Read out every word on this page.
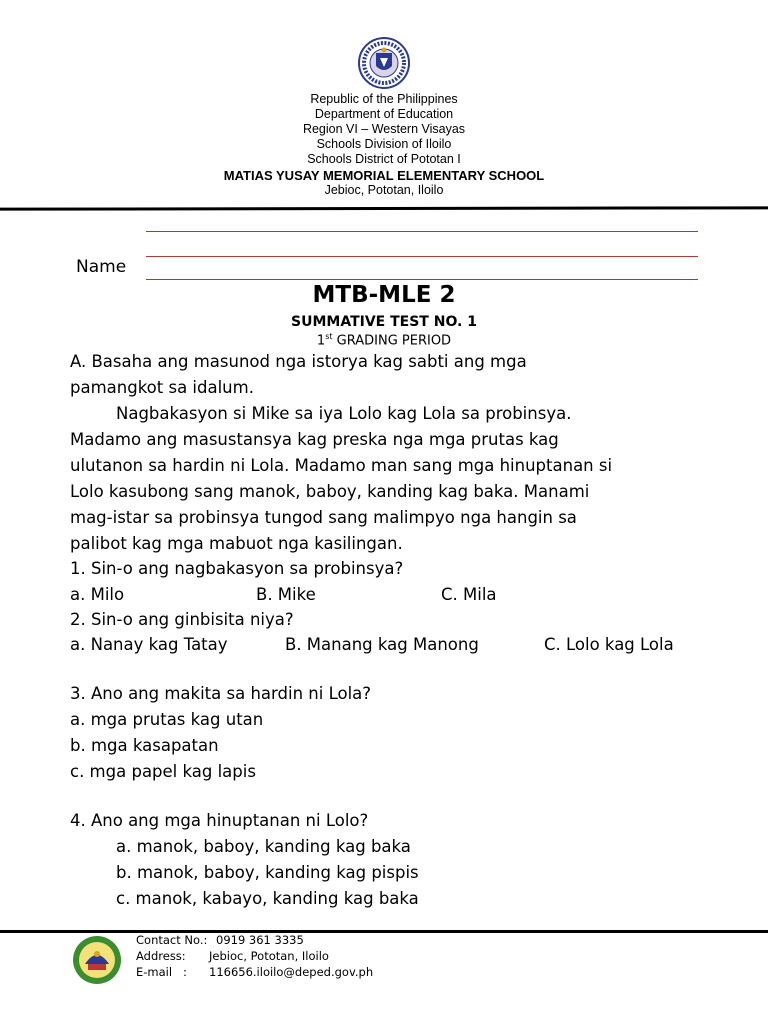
Republic of the Philippines
Department of Education
Region VI – Western Visayas
Schools Division of Iloilo
Schools District of Pototan I
MATIAS YUSAY MEMORIAL ELEMENTARY SCHOOL
Jebioc, Pototan, Iloilo
Name
MTB-MLE 2
SUMMATIVE TEST NO. 1
1st GRADING PERIOD
A. Basaha ang masunod nga istorya kag sabti ang mga
pamangkot sa idalum.
Nagbakasyon si Mike sa iya Lolo kag Lola sa probinsya.
Madamo ang masustansya kag preska nga mga prutas kag
ulutanon sa hardin ni Lola. Madamo man sang mga hinuptanan si
Lolo kasubong sang manok, baboy, kanding kag baka. Manami
mag-istar sa probinsya tungod sang malimpyo nga hangin sa
palibot kag mga mabuot nga kasilingan.
1. Sin-o ang nagbakasyon sa probinsya?
a. Milo	B. Mike	C. Mila
2. Sin-o ang ginbisita niya?
a. Nanay kag Tatay	B. Manang kag Manong	C. Lolo kag Lola
3. Ano ang makita sa hardin ni Lola?
a. mga prutas kag utan
b. mga kasapatan
c. mga papel kag lapis
4. Ano ang mga hinuptanan ni Lolo?
a. manok, baboy, kanding kag baka
b. manok, baboy, kanding kag pispis
c. manok, kabayo, kanding kag baka
Contact No.: 0919 361 3335
Address: Jebioc, Pototan, Iloilo
E-mail : 116656.iloilo@deped.gov.ph
